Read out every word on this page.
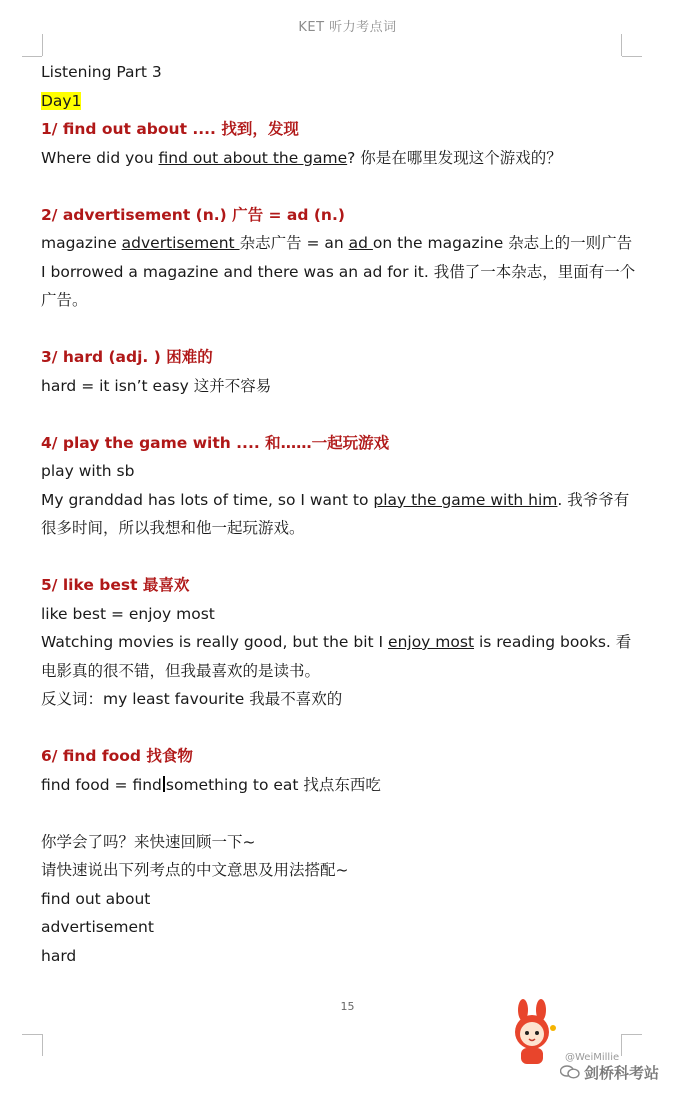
KET 听力考点词

Listening Part 3

Day1

1/ find out about .... 找到，发现

Where did you find out about the game? 你是在哪里发现这个游戏的？

2/ advertisement (n.) 广告 = ad (n.)

magazine advertisement 杂志广告 = an ad on the magazine 杂志上的一则广告

I borrowed a magazine and there was an ad for it. 我借了一本杂志，里面有一个广告。

3/ hard (adj. ) 困难的

hard = it isn’t easy 这并不容易

4/ play the game with .... 和……一起玩游戏

play with sb

My granddad has lots of time, so I want to play the game with him. 我爷爷有很多时间，所以我想和他一起玩游戏。

5/ like best 最喜欢

like best = enjoy most

Watching movies is really good, but the bit I enjoy most is reading books. 看电影真的很不错，但我最喜欢的是读书。

反义词：my least favourite 我最不喜欢的

6/ find food 找食物

find food = find something to eat 找点东西吃

你学会了吗？来快速回顾一下~

请快速说出下列考点的中文意思及用法搭配~

find out about

advertisement

hard

15
@WeiMillie
剑桥科考站
